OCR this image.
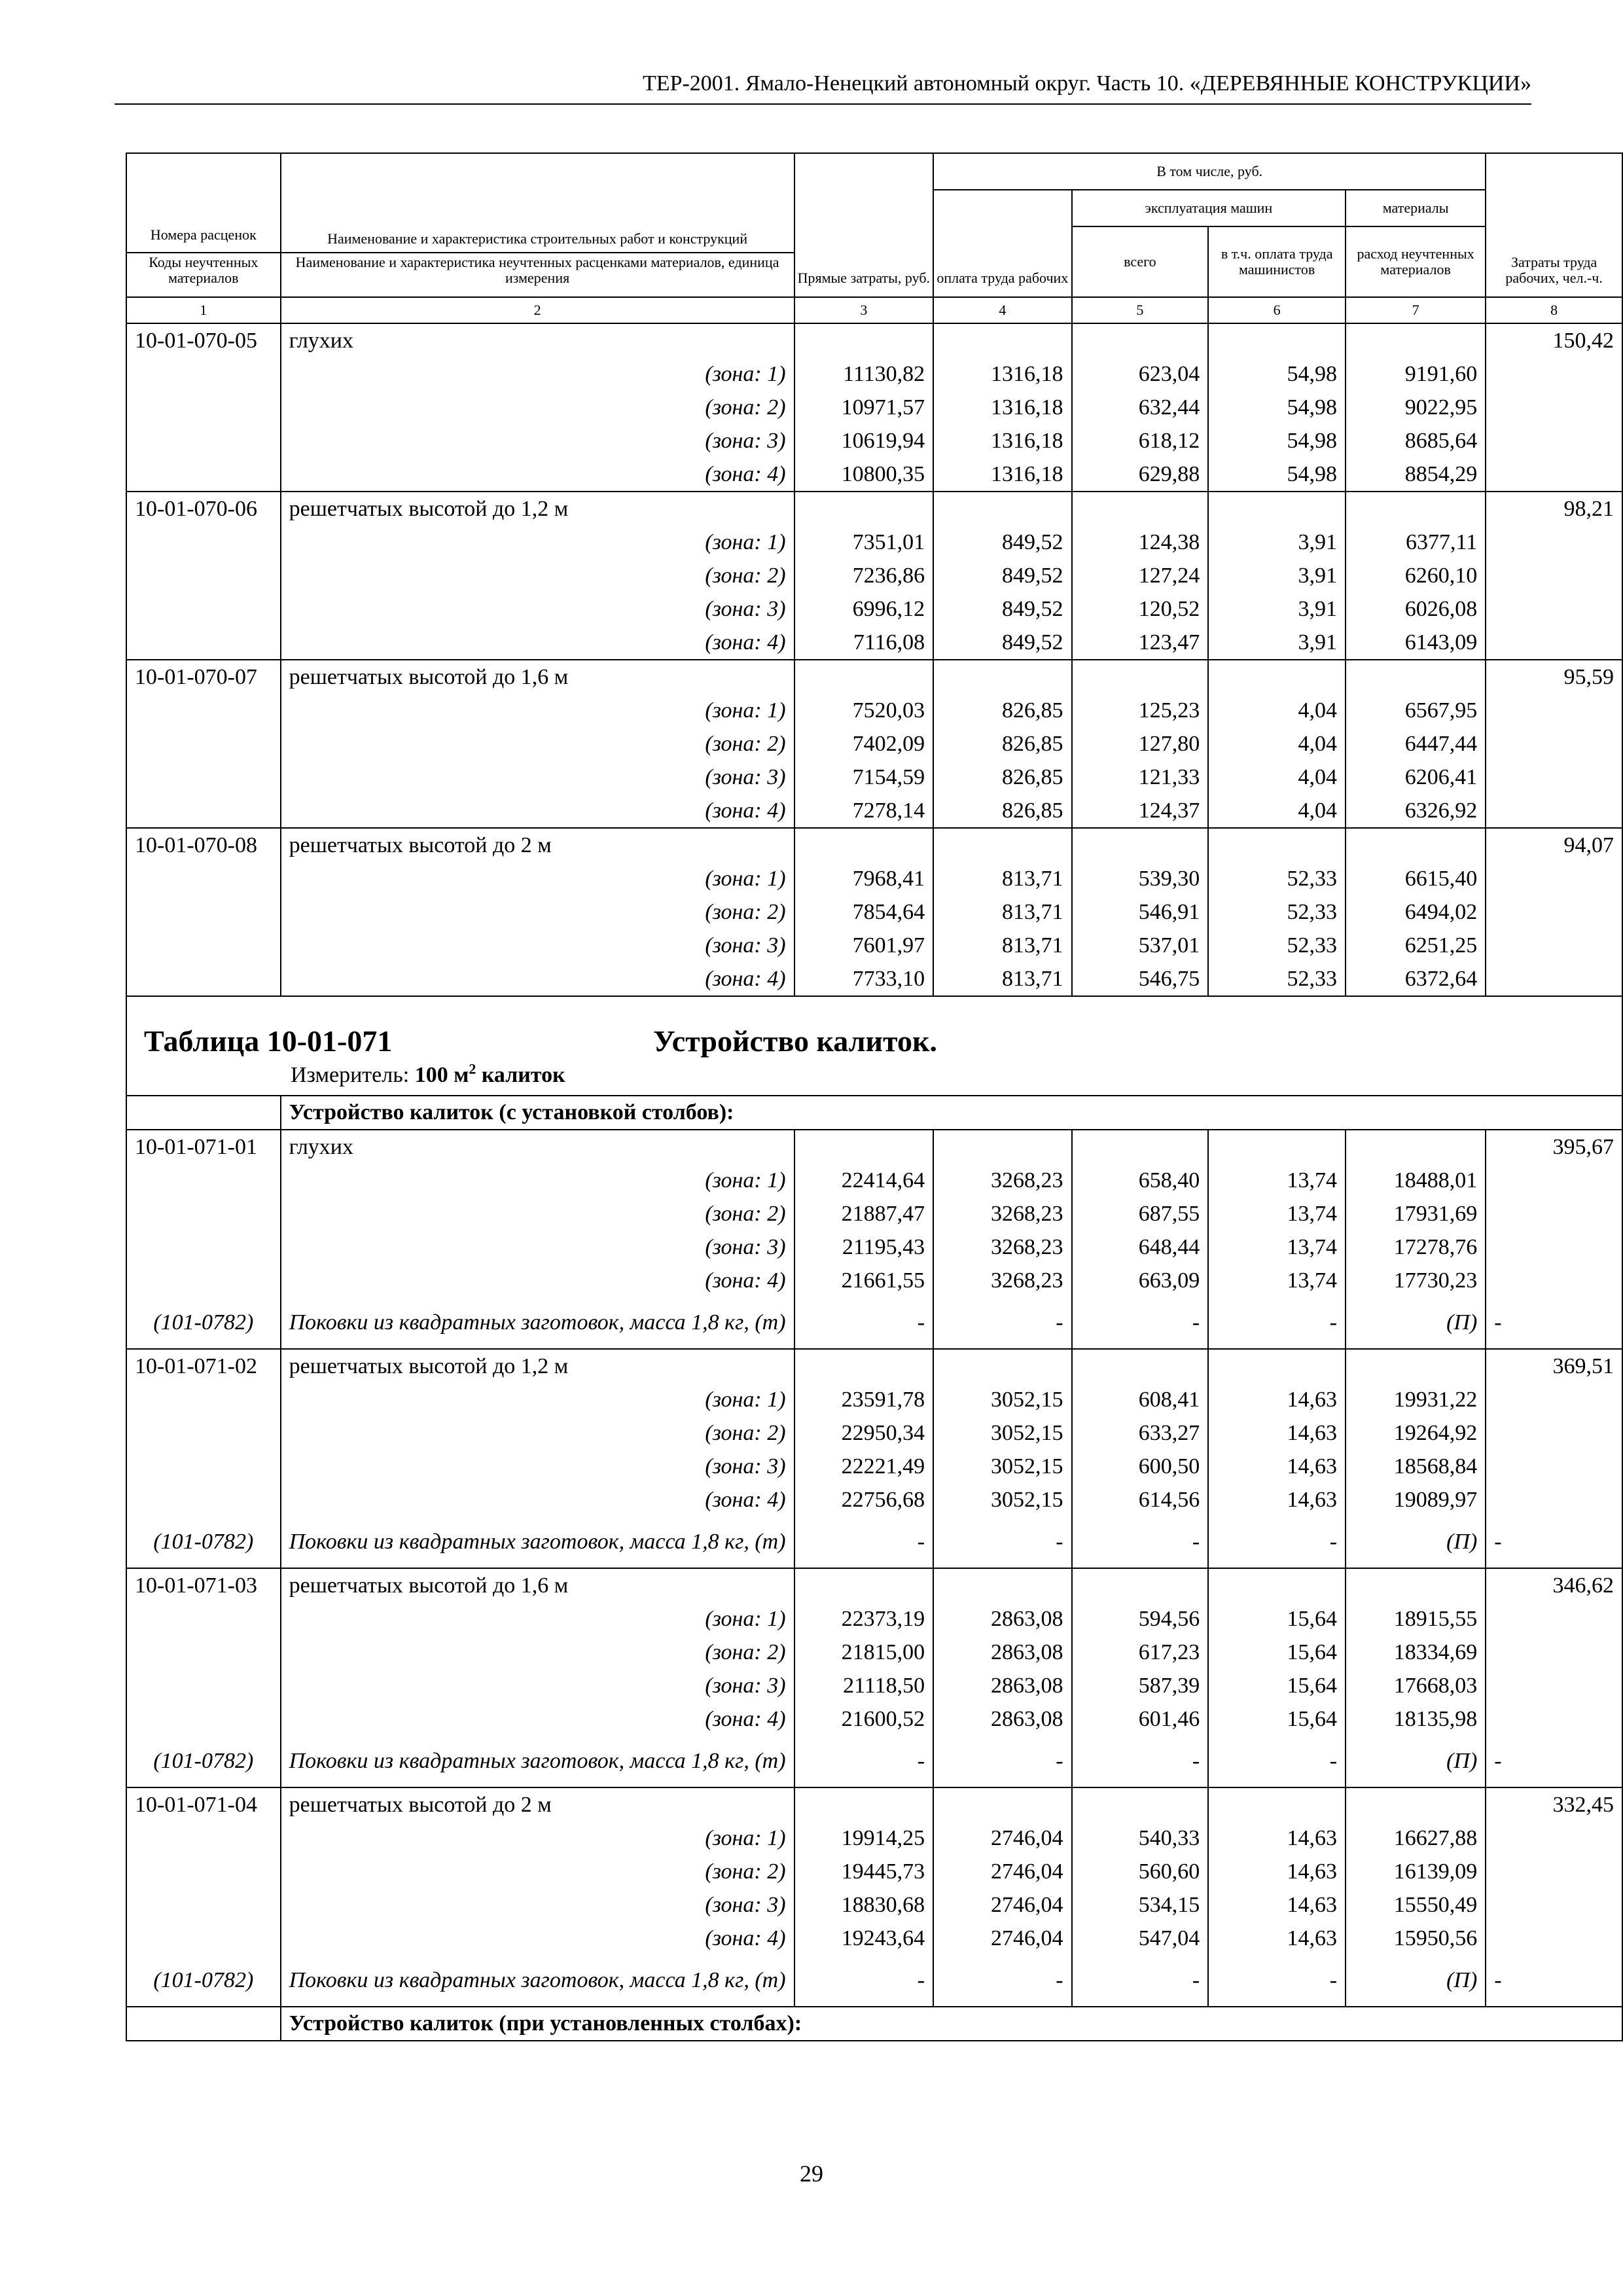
ТЕР-2001. Ямало-Ненецкий автономный округ. Часть 10. «ДЕРЕВЯННЫЕ КОНСТРУКЦИИ»
Номера расценок	Наименование и характеристика строительных работ и конструкций	Прямые затраты, руб.	В том числе, руб.				Затраты труда рабочих, чел.-ч.
			оплата труда рабочих	эксплуатация машин		материалы	
				всего	в т.ч. оплата труда машинистов	расход неучтенных материалов	
Коды неучтенных материалов	Наименование и характеристика неучтенных расценками материалов, единица измерения						

1	2	3	4	5	6	7	8
10-01-070-05	глухих						150,42
	(зона: 1)	11130,82	1316,18	623,04	54,98	9191,60	
	(зона: 2)	10971,57	1316,18	632,44	54,98	9022,95	
	(зона: 3)	10619,94	1316,18	618,12	54,98	8685,64	
	(зона: 4)	10800,35	1316,18	629,88	54,98	8854,29	
10-01-070-06	решетчатых высотой до 1,2 м						98,21
	(зона: 1)	7351,01	849,52	124,38	3,91	6377,11	
	(зона: 2)	7236,86	849,52	127,24	3,91	6260,10	
	(зона: 3)	6996,12	849,52	120,52	3,91	6026,08	
	(зона: 4)	7116,08	849,52	123,47	3,91	6143,09	
10-01-070-07	решетчатых высотой до 1,6 м						95,59
	(зона: 1)	7520,03	826,85	125,23	4,04	6567,95	
	(зона: 2)	7402,09	826,85	127,80	4,04	6447,44	
	(зона: 3)	7154,59	826,85	121,33	4,04	6206,41	
	(зона: 4)	7278,14	826,85	124,37	4,04	6326,92	
10-01-070-08	решетчатых высотой до 2 м						94,07
	(зона: 1)	7968,41	813,71	539,30	52,33	6615,40	
	(зона: 2)	7854,64	813,71	546,91	52,33	6494,02	
	(зона: 3)	7601,97	813,71	537,01	52,33	6251,25	
	(зона: 4)	7733,10	813,71	546,75	52,33	6372,64	

Таблица 10-01-071 Устройство калиток.
Измеритель: 100 $м^2$ калиток							

	Устройство калиток (с установкой столбов):						
10-01-071-01	глухих						395,67
	(зона: 1)	22414,64	3268,23	658,40	13,74	18488,01	
	(зона: 2)	21887,47	3268,23	687,55	13,74	17931,69	
	(зона: 3)	21195,43	3268,23	648,44	13,74	17278,76	
	(зона: 4)	21661,55	3268,23	663,09	13,74	17730,23	
(101-0782)	Поковки из квадратных заготовок, масса 1,8 кг, (т)	-	-	-	-	(П)	-
10-01-071-02	решетчатых высотой до 1,2 м						369,51
	(зона: 1)	23591,78	3052,15	608,41	14,63	19931,22	
	(зона: 2)	22950,34	3052,15	633,27	14,63	19264,92	
	(зона: 3)	22221,49	3052,15	600,50	14,63	18568,84	
	(зона: 4)	22756,68	3052,15	614,56	14,63	19089,97	
(101-0782)	Поковки из квадратных заготовок, масса 1,8 кг, (т)	-	-	-	-	(П)	-
10-01-071-03	решетчатых высотой до 1,6 м						346,62
	(зона: 1)	22373,19	2863,08	594,56	15,64	18915,55	
	(зона: 2)	21815,00	2863,08	617,23	15,64	18334,69	
	(зона: 3)	21118,50	2863,08	587,39	15,64	17668,03	
	(зона: 4)	21600,52	2863,08	601,46	15,64	18135,98	
(101-0782)	Поковки из квадратных заготовок, масса 1,8 кг, (т)	-	-	-	-	(П)	-
10-01-071-04	решетчатых высотой до 2 м						332,45
	(зона: 1)	19914,25	2746,04	540,33	14,63	16627,88	
	(зона: 2)	19445,73	2746,04	560,60	14,63	16139,09	
	(зона: 3)	18830,68	2746,04	534,15	14,63	15550,49	
	(зона: 4)	19243,64	2746,04	547,04	14,63	15950,56	
(101-0782)	Поковки из квадратных заготовок, масса 1,8 кг, (т)	-	-	-	-	(П)	-
	Устройство калиток (при установленных столбах):						
29
